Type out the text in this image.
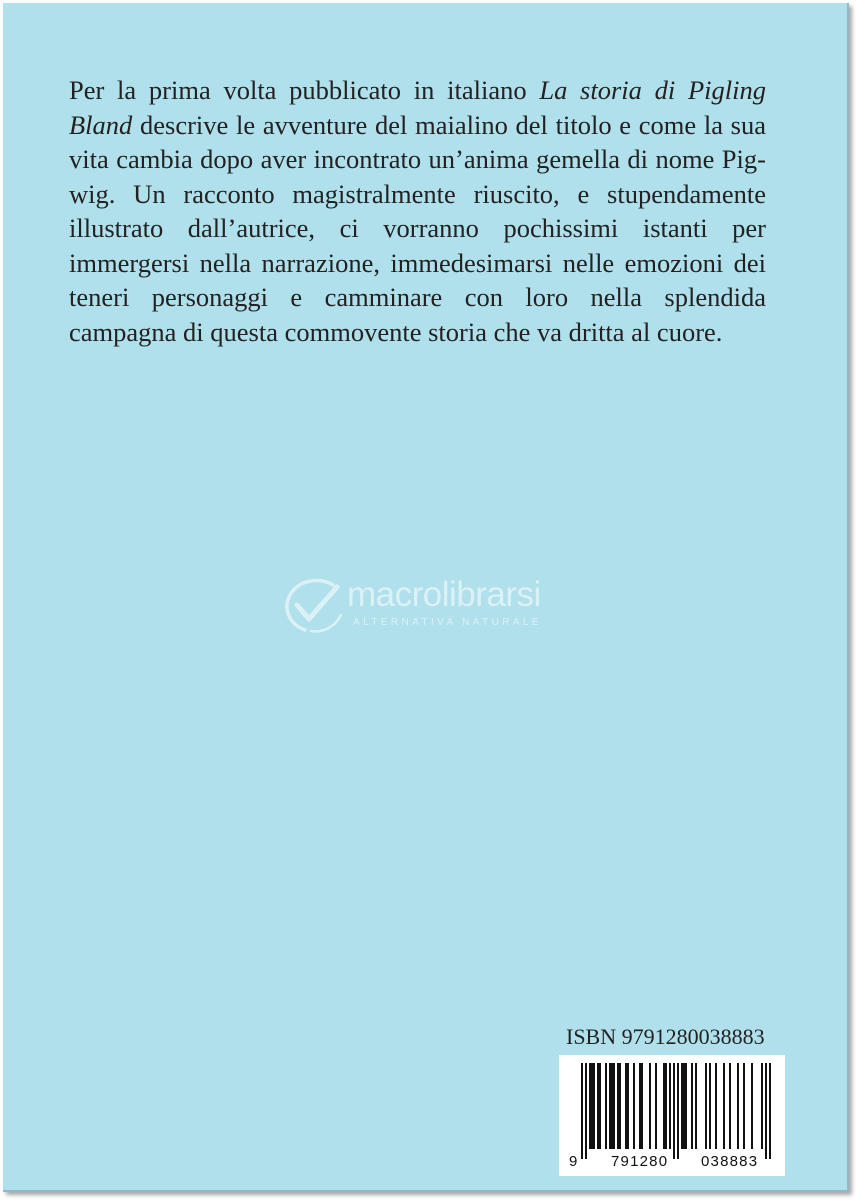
Per la prima volta pubblicato in italiano La storia di Pigling Bland descrive le avventure del maialino del titolo e come la sua vita cambia dopo aver incontrato un’anima gemella di nome Pig-wig. Un racconto magistralmente riuscito, e stupendamente illustrato dall’autrice, ci vorranno pochissimi istanti per immergersi nella narrazione, immedesimarsi nelle emozioni dei teneri personaggi e camminare con loro nella splendida campagna di questa commovente storia che va dritta al cuore.

macrolibrarsi
ALTERNATIVA NATURALE
ISBN 9791280038883
9 791280 038883
